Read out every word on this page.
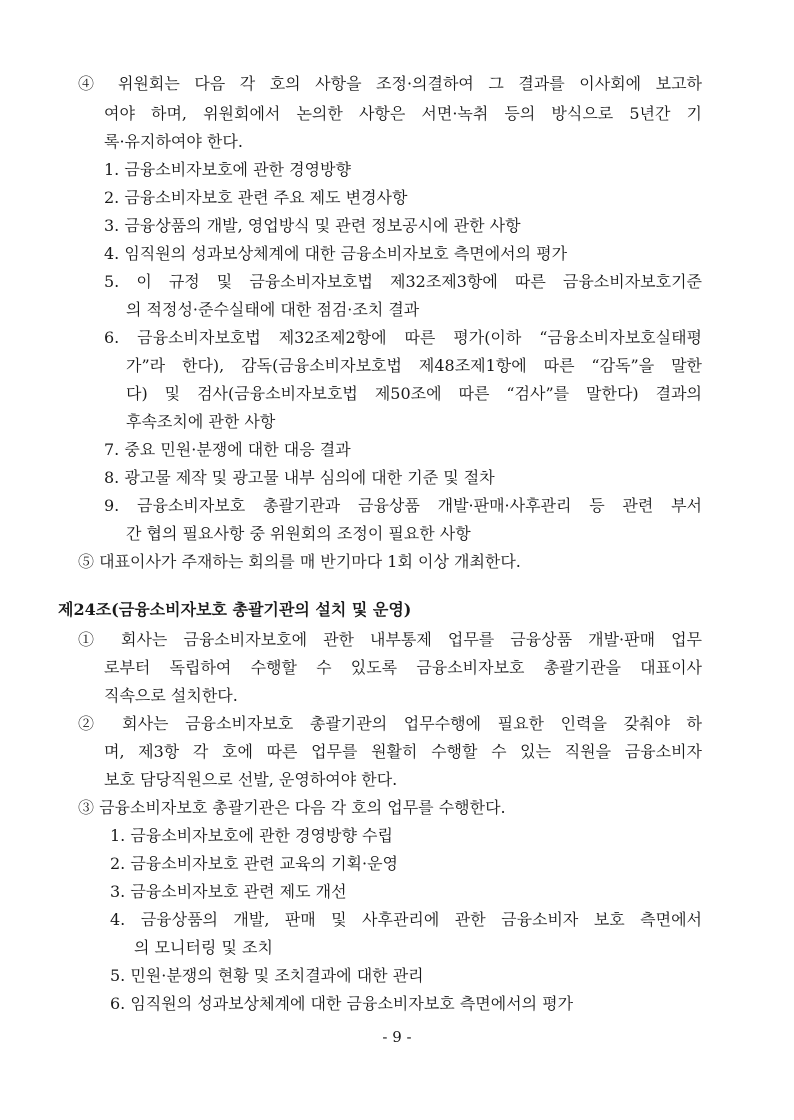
④ 위원회는 다음 각 호의 사항을 조정·의결하여 그 결과를 이사회에 보고하
여야 하며, 위원회에서 논의한 사항은 서면·녹취 등의 방식으로 5년간 기
록·유지하여야 한다.
1. 금융소비자보호에 관한 경영방향
2. 금융소비자보호 관련 주요 제도 변경사항
3. 금융상품의 개발, 영업방식 및 관련 정보공시에 관한 사항
4. 임직원의 성과보상체계에 대한 금융소비자보호 측면에서의 평가
5. 이 규정 및 금융소비자보호법 제32조제3항에 따른 금융소비자보호기준
의 적정성·준수실태에 대한 점검·조치 결과
6. 금융소비자보호법 제32조제2항에 따른 평가(이하 “금융소비자보호실태평
가”라 한다), 감독(금융소비자보호법 제48조제1항에 따른 “감독”을 말한
다) 및 검사(금융소비자보호법 제50조에 따른 “검사”를 말한다) 결과의
후속조치에 관한 사항
7. 중요 민원·분쟁에 대한 대응 결과
8. 광고물 제작 및 광고물 내부 심의에 대한 기준 및 절차
9. 금융소비자보호 총괄기관과 금융상품 개발·판매·사후관리 등 관련 부서
간 협의 필요사항 중 위원회의 조정이 필요한 사항
⑤ 대표이사가 주재하는 회의를 매 반기마다 1회 이상 개최한다.
제24조(금융소비자보호 총괄기관의 설치 및 운영)
① 회사는 금융소비자보호에 관한 내부통제 업무를 금융상품 개발·판매 업무
로부터 독립하여 수행할 수 있도록 금융소비자보호 총괄기관을 대표이사
직속으로 설치한다.
② 회사는 금융소비자보호 총괄기관의 업무수행에 필요한 인력을 갖춰야 하
며, 제3항 각 호에 따른 업무를 원활히 수행할 수 있는 직원을 금융소비자
보호 담당직원으로 선발, 운영하여야 한다.
③ 금융소비자보호 총괄기관은 다음 각 호의 업무를 수행한다.
1. 금융소비자보호에 관한 경영방향 수립
2. 금융소비자보호 관련 교육의 기획·운영
3. 금융소비자보호 관련 제도 개선
4. 금융상품의 개발, 판매 및 사후관리에 관한 금융소비자 보호 측면에서
의 모니터링 및 조치
5. 민원·분쟁의 현황 및 조치결과에 대한 관리
6. 임직원의 성과보상체계에 대한 금융소비자보호 측면에서의 평가
- 9 -
